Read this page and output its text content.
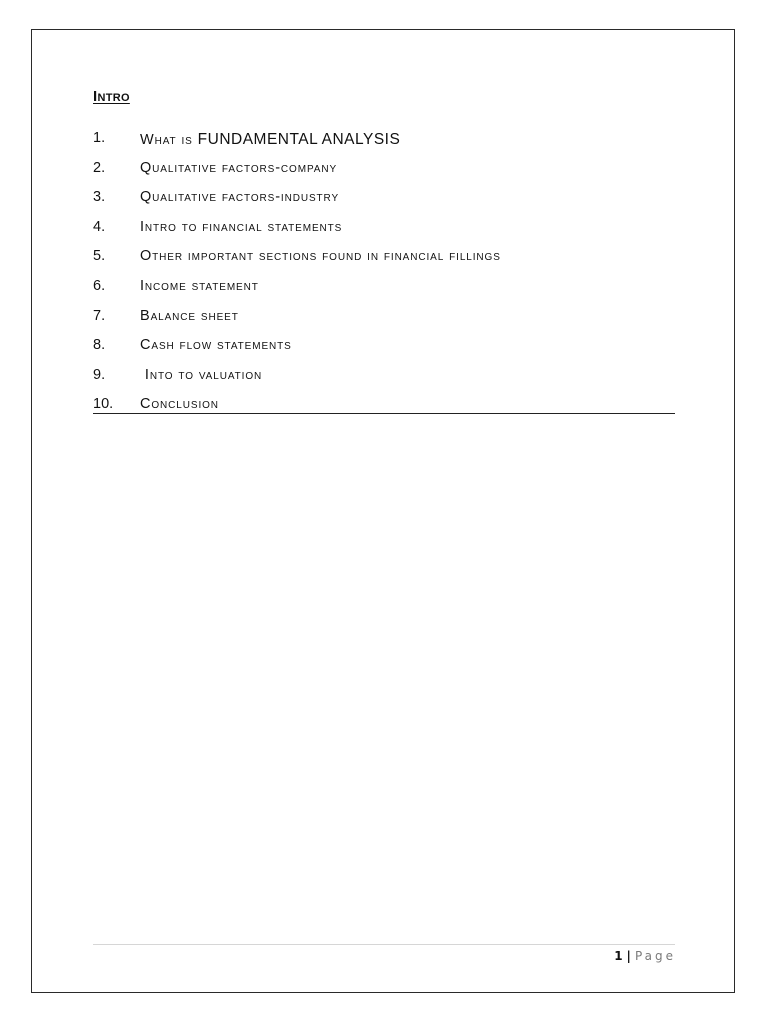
Intro
1. What is FUNDAMENTAL ANALYSIS
2. Qualitative factors-company
3. Qualitative factors-industry
4. Intro to financial statements
5. Other important sections found in financial fillings
6. Income statement
7. Balance sheet
8. Cash flow statements
9. Into to valuation
10. Conclusion
1 | Page
